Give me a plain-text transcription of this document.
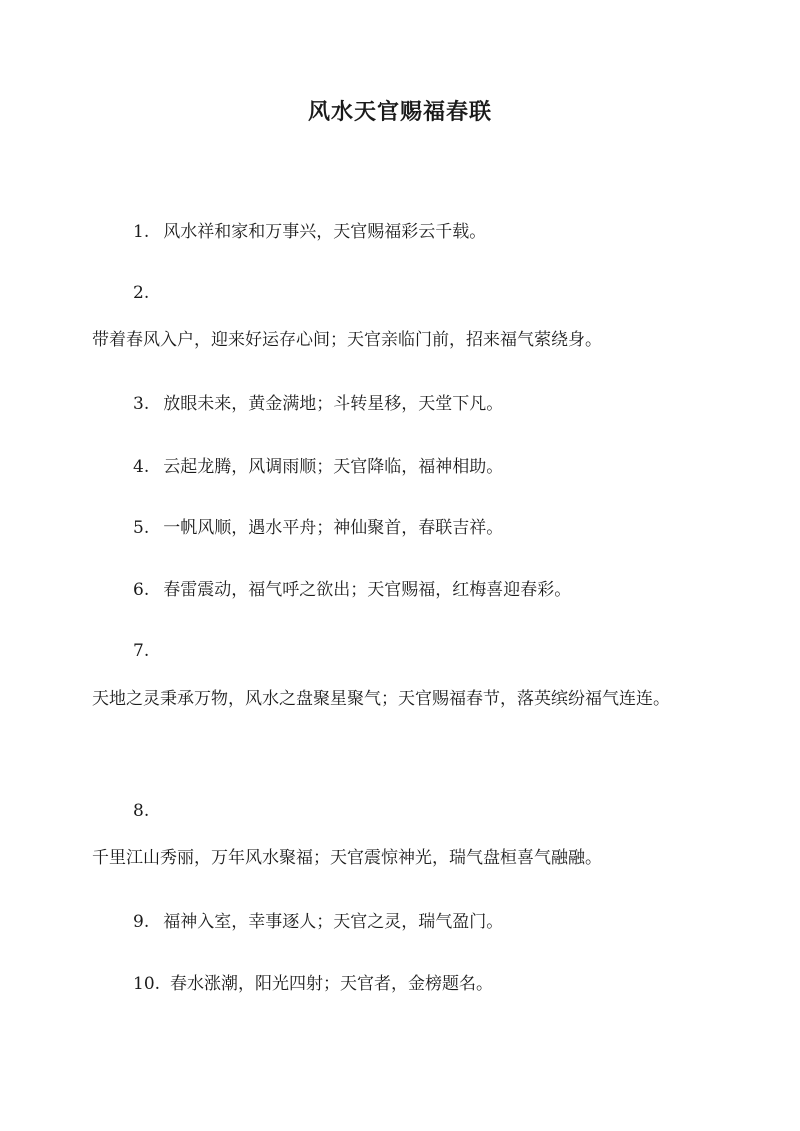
风水天官赐福春联
1. 风水祥和家和万事兴，天官赐福彩云千载。
2.
带着春风入户，迎来好运存心间；天官亲临门前，招来福气萦绕身。
3. 放眼未来，黄金满地；斗转星移，天堂下凡。
4. 云起龙腾，风调雨顺；天官降临，福神相助。
5. 一帆风顺，遇水平舟；神仙聚首，春联吉祥。
6. 春雷震动，福气呼之欲出；天官赐福，红梅喜迎春彩。
7.
天地之灵秉承万物，风水之盘聚星聚气；天官赐福春节，落英缤纷福气连连。
8.
千里江山秀丽，万年风水聚福；天官震惊神光，瑞气盘桓喜气融融。
9. 福神入室，幸事逐人；天官之灵，瑞气盈门。
10. 春水涨潮，阳光四射；天官者，金榜题名。
